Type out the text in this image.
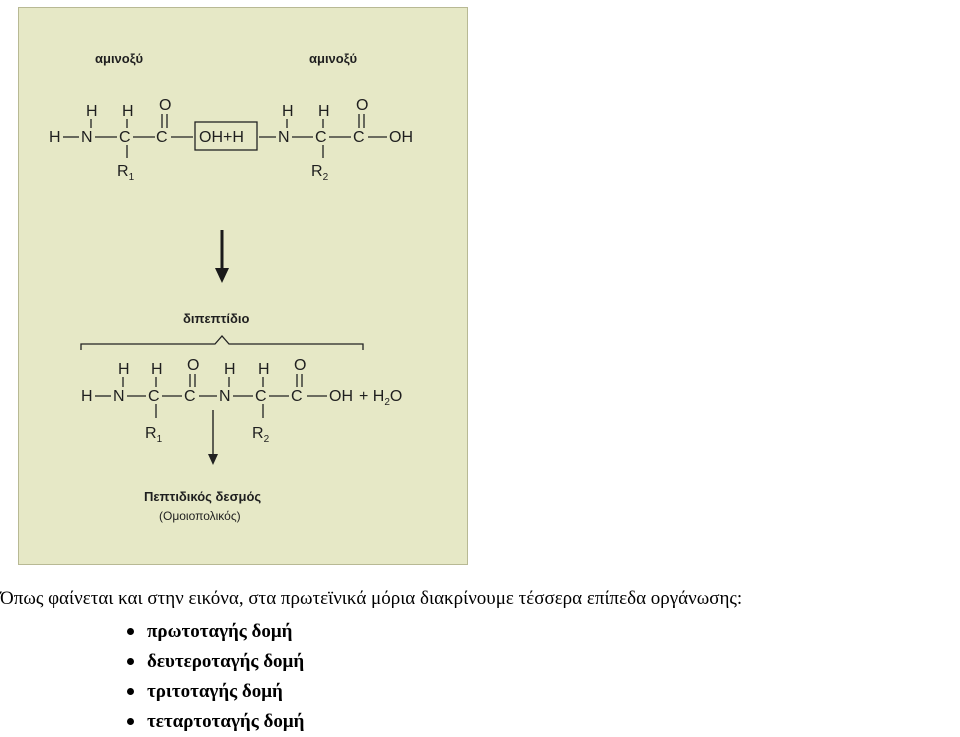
αμινοξύ	αμινοξύ
H N
H
C
H
$R_1$
C
O
OH+H N
H
C
H
$R_2$
C
O
OH
διπεπτίδιο
H N
H
C
H
$R_1$
C
O
N
H
C
H
$R_2$
C
O
OH + $H_2O$
Πεπτιδικός δεσμός
(Ομοιοπολικός)
Όπως φαίνεται και στην εικόνα, στα πρωτεϊνικά μόρια διακρίνουμε τέσσερα επίπεδα οργάνωσης:
πρωτοταγής δομή
δευτεροταγής δομή
τριτοταγής δομή
τεταρτοταγής δομή
